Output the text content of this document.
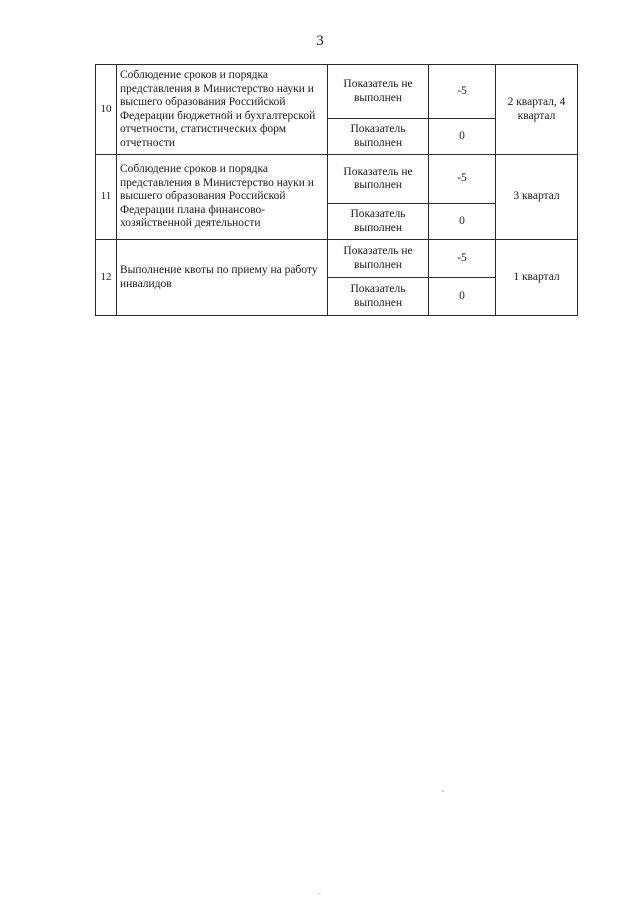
3
10	Соблюдение сроков и порядка представления в Министерство науки и высшего образования Российской Федерации бюджетной и бухгалтерской отчетности, статистических форм отчетности	Показатель не выполнен	-5	2 квартал, 4 квартал
		Показатель выполнен	0	
11	Соблюдение сроков и порядка представления в Министерство науки и высшего образования Российской Федерации плана финансово-хозяйственной деятельности	Показатель не выполнен	-5	3 квартал
		Показатель выполнен	0	
12	Выполнение квоты по приему на работу инвалидов	Показатель не выполнен	-5	1 квартал
		Показатель выполнен	0	
